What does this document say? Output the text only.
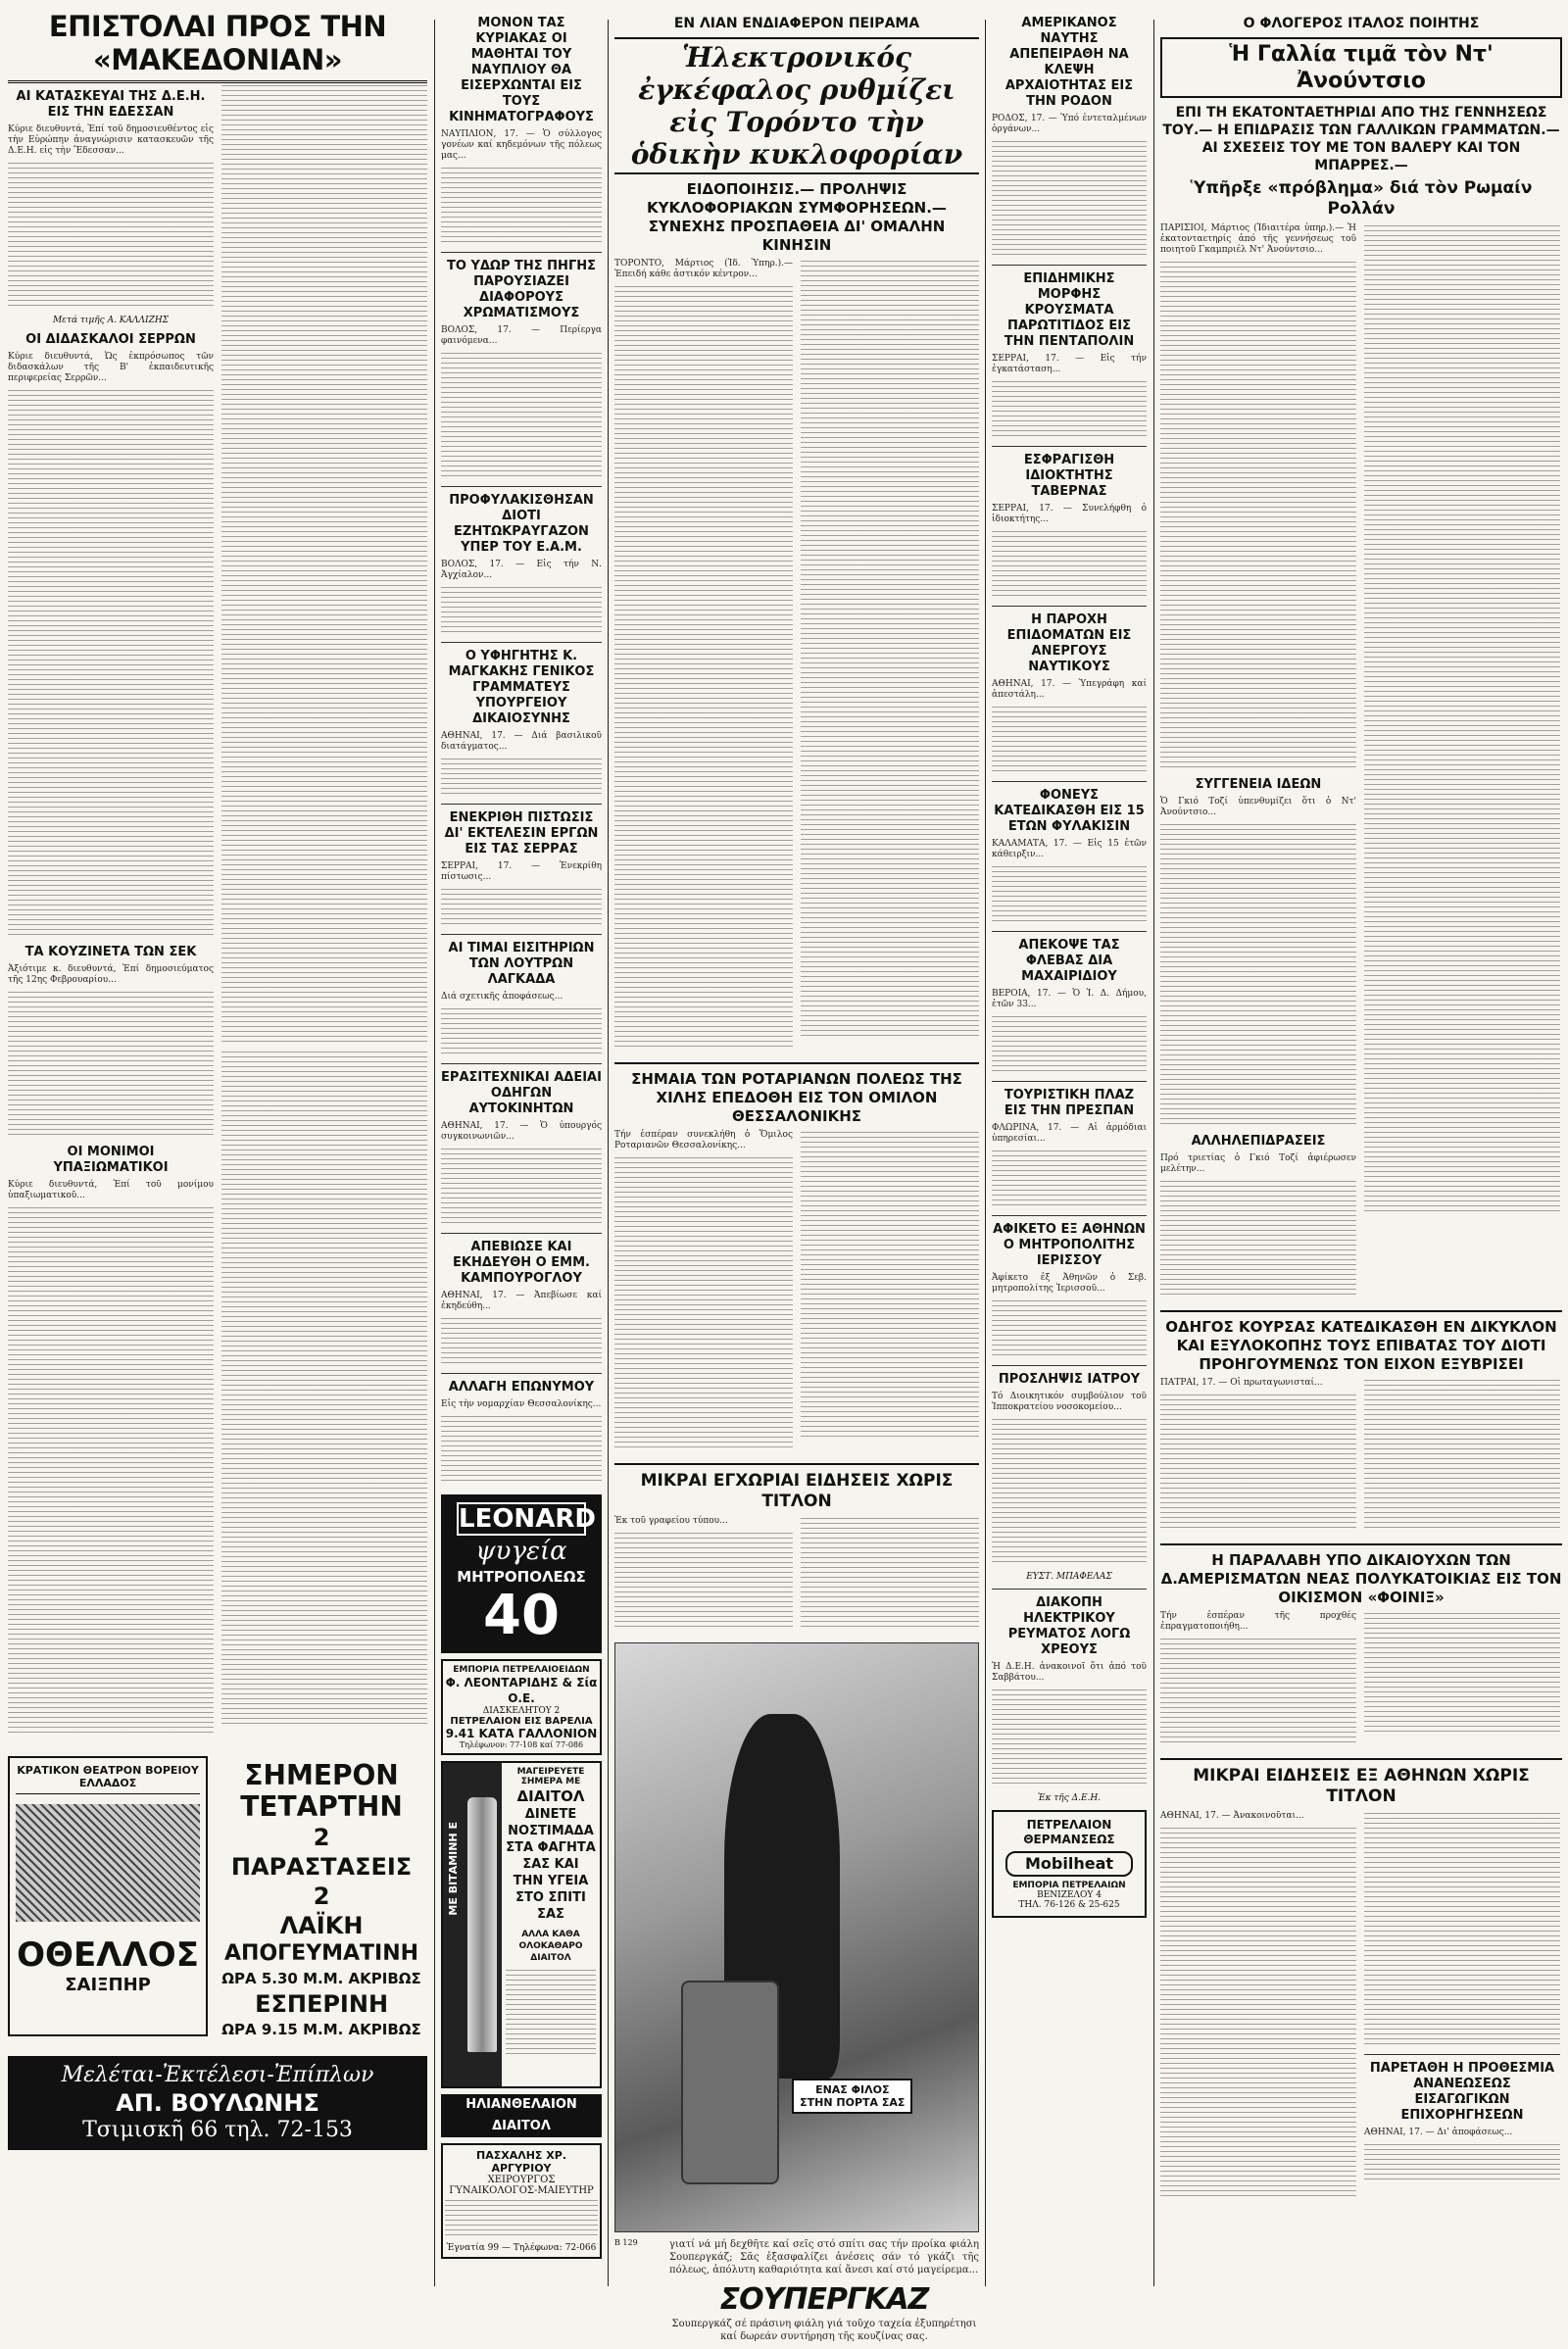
ΕΠΙΣΤΟΛΑΙ ΠΡΟΣ ΤΗΝ «ΜΑΚΕΔΟΝΙΑΝ»
ΑΙ ΚΑΤΑΣΚΕΥΑΙ ΤΗΣ Δ.Ε.Η. ΕΙΣ ΤΗΝ ΕΔΕΣΣΑΝ
Κύριε διευθυντά, Ἐπί τοῦ δημοσιευθέντος εἰς τὴν Εὐρώπην ἀναγνώρισιν κατασκευῶν τῆς Δ.Ε.Η. εἰς τὴν Ἔδεσσαν...
Μετά τιμῆς Α. ΚΑΛΛΙΖΗΣ
ΟΙ ΔΙΔΑΣΚΑΛΟΙ ΣΕΡΡΩΝ
Κύριε διευθυντά, Ὡς ἐκπρόσωπος τῶν διδασκάλων τῆς Β' ἐκπαιδευτικῆς περιφερείας Σερρῶν...
ΤΑ ΚΟΥΖΙΝΕΤΑ ΤΩΝ ΣΕΚ
Ἀξιότιμε κ. διευθυντά, Ἐπί δημοσιεύματος τῆς 12ης Φεβρουαρίου...
ΟΙ ΜΟΝΙΜΟΙ ΥΠΑΞΙΩΜΑΤΙΚΟΙ
Κύριε διευθυντά, Ἐπί τοῦ μονίμου ὑπαξιωματικοῦ...
ΚΡΑΤΙΚΟΝ ΘΕΑΤΡΟΝ ΒΟΡΕΙΟΥ ΕΛΛΑΔΟΣ
ΟΘΕΛΛΟΣ
ΣΑΙΞΠΗΡ
ΣΗΜΕΡΟΝ
ΤΕΤΑΡΤΗΝ
2 ΠΑΡΑΣΤΑΣΕΙΣ 2
ΛΑΪΚΗ
ΑΠΟΓΕΥΜΑΤΙΝΗ
ΩΡΑ 5.30 Μ.Μ. ΑΚΡΙΒΩΣ
ΕΣΠΕΡΙΝΗ
ΩΡΑ 9.15 Μ.Μ. ΑΚΡΙΒΩΣ
Μελέται-Ἐκτέλεσι-Ἐπίπλων
ΑΠ. ΒΟΥΛΩΝΗΣ
Τσιμισκῆ 66 τηλ. 72-153
ΜΟΝΟΝ ΤΑΣ ΚΥΡΙΑΚΑΣ ΟΙ ΜΑΘΗΤΑΙ ΤΟΥ ΝΑΥΠΛΙΟΥ ΘΑ ΕΙΣΕΡΧΩΝΤΑΙ ΕΙΣ ΤΟΥΣ ΚΙΝΗΜΑΤΟΓΡΑΦΟΥΣ
ΝΑΥΠΛΙΟΝ, 17. — Ὁ σύλλογος γονέων καί κηδεμόνων τῆς πόλεως μας...
ΤΟ ΥΔΩΡ ΤΗΣ ΠΗΓΗΣ ΠΑΡΟΥΣΙΑΖΕΙ ΔΙΑΦΟΡΟΥΣ ΧΡΩΜΑΤΙΣΜΟΥΣ
ΒΟΛΟΣ, 17. — Περίεργα φαινόμενα...
ΠΡΟΦΥΛΑΚΙΣΘΗΣΑΝ ΔΙΟΤΙ ΕΖΗΤΩΚΡΑΥΓΑΖΟΝ ΥΠΕΡ ΤΟΥ Ε.Α.Μ.
ΒΟΛΟΣ, 17. — Εἰς τήν Ν. Ἀγχίαλον...
Ο ΥΦΗΓΗΤΗΣ Κ. ΜΑΓΚΑΚΗΣ ΓΕΝΙΚΟΣ ΓΡΑΜΜΑΤΕΥΣ ΥΠΟΥΡΓΕΙΟΥ ΔΙΚΑΙΟΣΥΝΗΣ
ΑΘΗΝΑΙ, 17. — Διά βασιλικοῦ διατάγματος...
ΕΝΕΚΡΙΘΗ ΠΙΣΤΩΣΙΣ ΔΙ' ΕΚΤΕΛΕΣΙΝ ΕΡΓΩΝ ΕΙΣ ΤΑΣ ΣΕΡΡΑΣ
ΣΕΡΡΑΙ, 17. — Ἐνεκρίθη πίστωσις...
ΑΙ ΤΙΜΑΙ ΕΙΣΙΤΗΡΙΩΝ ΤΩΝ ΛΟΥΤΡΩΝ ΛΑΓΚΑΔΑ
Διά σχετικῆς ἀποφάσεως...
ΕΡΑΣΙΤΕΧΝΙΚΑΙ ΑΔΕΙΑΙ ΟΔΗΓΩΝ ΑΥΤΟΚΙΝΗΤΩΝ
ΑΘΗΝΑΙ, 17. — Ὁ ὑπουργός συγκοινωνιῶν...
ΑΠΕΒΙΩΣΕ ΚΑΙ ΕΚΗΔΕΥΘΗ Ο ΕΜΜ. ΚΑΜΠΟΥΡΟΓΛΟΥ
ΑΘΗΝΑΙ, 17. — Ἀπεβίωσε καί ἐκηδεύθη...
ΑΛΛΑΓΗ ΕΠΩΝΥΜΟΥ
Εἰς τὴν νομαρχίαν Θεσσαλονίκης...
LEONARD
ψυγεία
ΜΗΤΡΟΠΟΛΕΩΣ
40
ΕΜΠΟΡΙΑ ΠΕΤΡΕΛΑΙΟΕΙΔΩΝ
Φ. ΛΕΟΝΤΑΡΙΔΗΣ & Σία Ο.Ε.
ΔΙΑΣΚΕΛΗΤΟΥ 2
ΠΕΤΡΕΛΑΙΟΝ ΕΙΣ ΒΑΡΕΛΙΑ
9.41 ΚΑΤΑ ΓΑΛΛΟΝΙΟΝ
Τηλέφωνον: 77-108 καί 77-086
ΜΕ ΒΙΤΑΜΙΝΗ Ε
ΜΑΓΕΙΡΕΥΕΤΕ ΣΗΜΕΡΑ ΜΕ
ΔΙΑΙΤΟΛ
ΔΙΝΕΤΕ ΝΟΣΤΙΜΑΔΑ ΣΤΑ ΦΑΓΗΤΑ ΣΑΣ ΚΑΙ ΤΗΝ ΥΓΕΙΑ ΣΤΟ ΣΠΙΤΙ ΣΑΣ
ΑΛΛΑ ΚΑΘΑ ΟΛΟΚΑΘΑΡΟ ΔΙΑΙΤΟΛ
ΗΛΙΑΝΘΕΛΑΙΟΝ ΔΙΑΙΤΟΛ
ΠΑΣΧΑΛΗΣ ΧΡ. ΑΡΓΥΡΙΟΥ
ΧΕΙΡΟΥΡΓΟΣ
ΓΥΝΑΙΚΟΛΟΓΟΣ-ΜΑΙΕΥΤΗΡ
Ἐγνατία 99 — Τηλέφωνα: 72-066
ΕΝ ΛΙΑΝ ΕΝΔΙΑΦΕΡΟΝ ΠΕΙΡΑΜΑ
Ἡλεκτρονικός ἐγκέφαλος ρυθμίζει εἰς Τορόντο τὴν ὁδικὴν κυκλοφορίαν
ΕΙΔΟΠΟΙΗΣΙΣ.— ΠΡΟΛΗΨΙΣ ΚΥΚΛΟΦΟΡΙΑΚΩΝ ΣΥΜΦΟΡΗΣΕΩΝ.— ΣΥΝΕΧΗΣ ΠΡΟΣΠΑΘΕΙΑ ΔΙ' ΟΜΑΛΗΝ ΚΙΝΗΣΙΝ
ΤΟΡΟΝΤΟ, Μάρτιος (Ἰδ. Ὑπηρ.).— Ἐπειδή κάθε ἀστικόν κέντρον...
ΣΗΜΑΙΑ ΤΩΝ ΡΟΤΑΡΙΑΝΩΝ ΠΟΛΕΩΣ ΤΗΣ ΧΙΛΗΣ ΕΠΕΔΟΘΗ ΕΙΣ ΤΟΝ ΟΜΙΛΟΝ ΘΕΣΣΑΛΟΝΙΚΗΣ
Τήν ἑσπέραν συνεκλήθη ὁ Ὅμιλος Ροταριανῶν Θεσσαλονίκης...
ΜΙΚΡΑΙ ΕΓΧΩΡΙΑΙ ΕΙΔΗΣΕΙΣ ΧΩΡΙΣ ΤΙΤΛΟΝ
Ἐκ τοῦ γραφείου τύπου...
ΕΝΑΣ ΦΙΛΟΣ
ΣΤΗΝ ΠΟΡΤΑ ΣΑΣ
Β 129	γιατί νά μή δεχθῆτε καί σεῖς στό σπίτι σας τήν προίκα φιάλη Σουπεργκάζ; Σᾶς ἐξασφαλίζει ἀνέσεις σάν τό γκάζι τῆς πόλεως, ἀπόλυτη καθαριότητα καί ἄνεσι καί στό μαγείρεμα...
ΣΟΥΠΕΡΓΚΑΖ
Σουπεργκάζ σέ πράσινη φιάλη γιά τοῦχο ταχεία ἐξυπηρέτησι καί δωρεάν συντήρηση τῆς κουζίνας σας.
ΑΜΕΡΙΚΑΝΟΣ ΝΑΥΤΗΣ ΑΠΕΠΕΙΡΑΘΗ ΝΑ ΚΛΕΨΗ ΑΡΧΑΙΟΤΗΤΑΣ ΕΙΣ ΤΗΝ ΡΟΔΟΝ
ΡΟΔΟΣ, 17. — Ὑπό ἐντεταλμένων ὀργάνων...
ΕΠΙΔΗΜΙΚΗΣ ΜΟΡΦΗΣ ΚΡΟΥΣΜΑΤΑ ΠΑΡΩΤΙΤΙΔΟΣ ΕΙΣ ΤΗΝ ΠΕΝΤΑΠΟΛΙΝ
ΣΕΡΡΑΙ, 17. — Εἰς τήν ἐγκατάσταση...
ΕΣΦΡΑΓΙΣΘΗ ΙΔΙΟΚΤΗΤΗΣ ΤΑΒΕΡΝΑΣ
ΣΕΡΡΑΙ, 17. — Συνελήφθη ὁ ἰδιοκτήτης...
Η ΠΑΡΟΧΗ ΕΠΙΔΟΜΑΤΩΝ ΕΙΣ ΑΝΕΡΓΟΥΣ ΝΑΥΤΙΚΟΥΣ
ΑΘΗΝΑΙ, 17. — Ὑπεγράφη καί ἀπεστάλη...
ΦΟΝΕΥΣ ΚΑΤΕΔΙΚΑΣΘΗ ΕΙΣ 15 ΕΤΩΝ ΦΥΛΑΚΙΣΙΝ
ΚΑΛΑΜΑΤΑ, 17. — Εἰς 15 ἐτῶν κάθειρξιν...
ΑΠΕΚΟΨΕ ΤΑΣ ΦΛΕΒΑΣ ΔΙΑ ΜΑΧΑΙΡΙΔΙΟΥ
ΒΕΡΟΙΑ, 17. — Ὁ Ἰ. Δ. Δήμου, ἐτῶν 33...
ΤΟΥΡΙΣΤΙΚΗ ΠΛΑΖ ΕΙΣ ΤΗΝ ΠΡΕΣΠΑΝ
ΦΛΩΡΙΝΑ, 17. — Αἱ ἁρμόδιαι ὑπηρεσίαι...
ΑΦΙΚΕΤΟ ΕΞ ΑΘΗΝΩΝ Ο ΜΗΤΡΟΠΟΛΙΤΗΣ ΙΕΡΙΣΣΟΥ
Ἀφίκετο ἐξ Ἀθηνῶν ὁ Σεβ. μητροπολίτης Ἱερισσοῦ...
ΠΡΟΣΛΗΨΙΣ ΙΑΤΡΟΥ
Τό Διοικητικόν συμβούλιον τοῦ Ἱπποκρατείου νοσοκομείου...
ΕΥΣΤ. ΜΠΑΦΕΛΑΣ
ΔΙΑΚΟΠΗ ΗΛΕΚΤΡΙΚΟΥ ΡΕΥΜΑΤΟΣ ΛΟΓΩ ΧΡΕΟΥΣ
Ἡ Δ.Ε.Η. ἀνακοινοῖ ὅτι ἀπό τοῦ Σαββάτου...
Ἐκ τῆς Δ.Ε.Η.
ΠΕΤΡΕΛΑΙΟΝ ΘΕΡΜΑΝΣΕΩΣ
Mobilheat
ΕΜΠΟΡΙΑ ΠΕΤΡΕΛΑΙΩΝ
ΒΕΝΙΖΕΛΟΥ 4
ΤΗΛ. 76-126 & 25-625
Ο ΦΛΟΓΕΡΟΣ ΙΤΑΛΟΣ ΠΟΙΗΤΗΣ
Ἡ Γαλλία τιμᾶ τὸν Ντ' Ἀνούντσιο
ΕΠΙ ΤΗ ΕΚΑΤΟΝΤΑΕΤΗΡΙΔΙ ΑΠΟ ΤΗΣ ΓΕΝΝΗΣΕΩΣ ΤΟΥ.— Η ΕΠΙΔΡΑΣΙΣ ΤΩΝ ΓΑΛΛΙΚΩΝ ΓΡΑΜΜΑΤΩΝ.— ΑΙ ΣΧΕΣΕΙΣ ΤΟΥ ΜΕ ΤΟΝ ΒΑΛΕΡΥ ΚΑΙ ΤΟΝ ΜΠΑΡΡΕΣ.—
Ὑπῆρξε «πρόβλημα» διά τὸν Ρωμαίν Ρολλάν
ΠΑΡΙΣΙΟΙ, Μάρτιος (Ἰδιαιτέρα ὑπηρ.).— Ἡ ἑκατονταετηρίς ἀπό τῆς γεννήσεως τοῦ ποιητοῦ Γκαμπριέλ Ντ' Ἀνούντσιο...
ΣΥΓΓΕΝΕΙΑ ΙΔΕΩΝ
Ὁ Γκιό Τοζί ὑπενθυμίζει ὅτι ὁ Ντ' Ἀνούντσιο...
ΑΛΛΗΛΕΠΙΔΡΑΣΕΙΣ
Πρό τριετίας ὁ Γκιό Τοζί ἀφιέρωσεν μελέτην...
ΟΔΗΓΟΣ ΚΟΥΡΣΑΣ ΚΑΤΕΔΙΚΑΣΘΗ ΕΝ ΔΙΚΥΚΛΟΝ ΚΑΙ ΕΞΥΛΟΚΟΠΗΣ ΤΟΥΣ ΕΠΙΒΑΤΑΣ ΤΟΥ ΔΙΟΤΙ ΠΡΟΗΓΟΥΜΕΝΩΣ ΤΟΝ ΕΙΧΟΝ ΕΞΥΒΡΙΣΕΙ
ΠΑΤΡΑΙ, 17. — Οἱ πρωταγωνισταί...
Η ΠΑΡΑΛΑΒΗ ΥΠΟ ΔΙΚΑΙΟΥΧΩΝ ΤΩΝ Δ.ΑΜΕΡΙΣΜΑΤΩΝ ΝΕΑΣ ΠΟΛΥΚΑΤΟΙΚΙΑΣ ΕΙΣ ΤΟΝ ΟΙΚΙΣΜΟΝ «ΦΟΙΝΙΞ»
Τήν ἑσπέραν τῆς προχθές ἐπραγματοποιήθη...
ΜΙΚΡΑΙ ΕΙΔΗΣΕΙΣ ΕΞ ΑΘΗΝΩΝ ΧΩΡΙΣ ΤΙΤΛΟΝ
ΑΘΗΝΑΙ, 17. — Ἀνακοινοῦται...
ΠΑΡΕΤΑΘΗ Η ΠΡΟΘΕΣΜΙΑ ΑΝΑΝΕΩΣΕΩΣ ΕΙΣΑΓΩΓΙΚΩΝ ΕΠΙΧΟΡΗΓΗΣΕΩΝ
ΑΘΗΝΑΙ, 17. — Δι' ἀποφάσεως...
